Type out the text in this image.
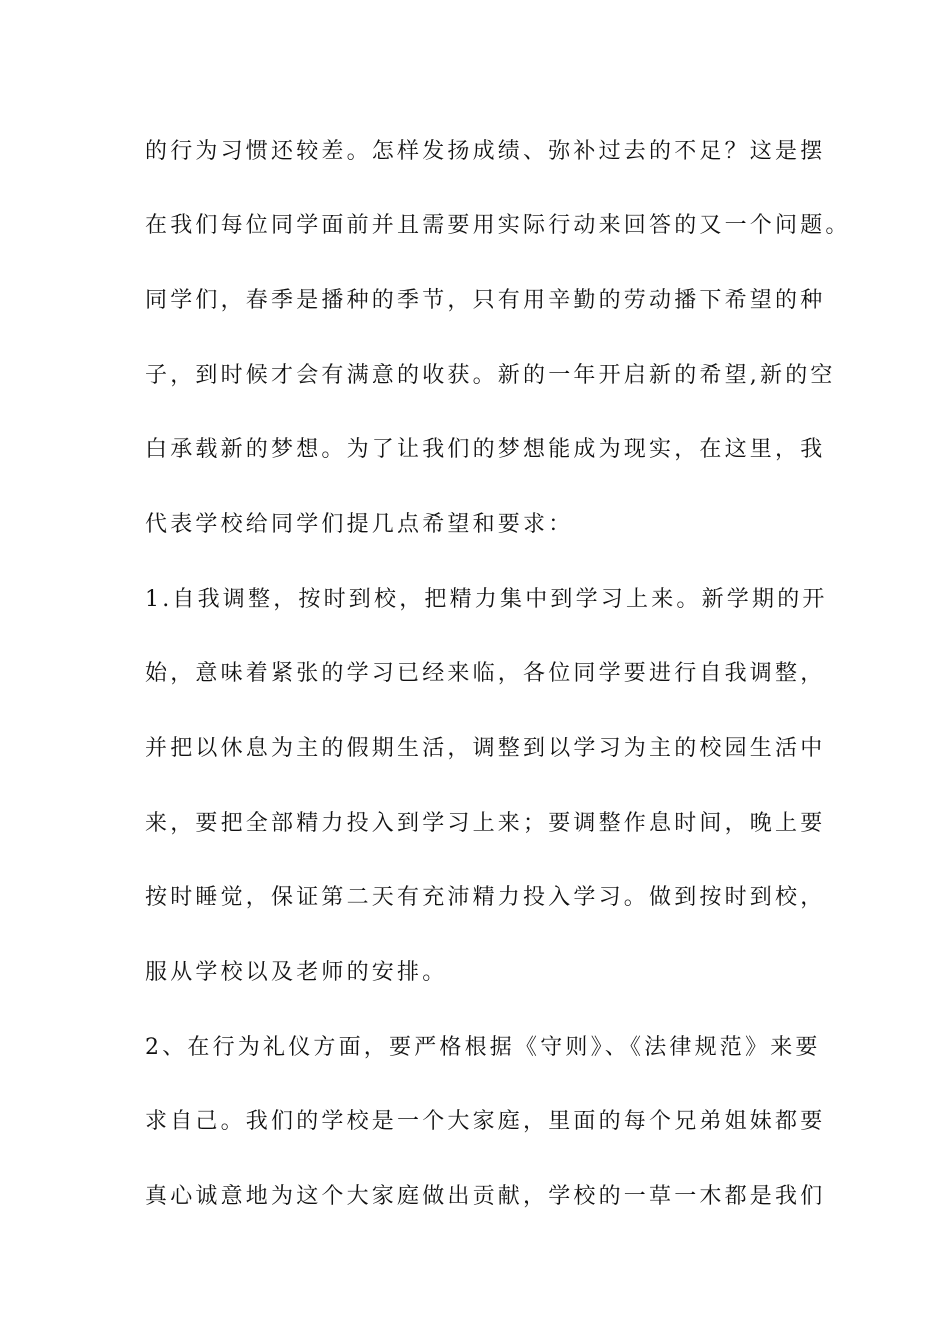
的行为习惯还较差。怎样发扬成绩、弥补过去的不足？这是摆
在我们每位同学面前并且需要用实际行动来回答的又一个问题。
同学们，春季是播种的季节，只有用辛勤的劳动播下希望的种
子，到时候才会有满意的收获。新的一年开启新的希望,新的空
白承载新的梦想。为了让我们的梦想能成为现实，在这里，我
代表学校给同学们提几点希望和要求：
1.自我调整，按时到校，把精力集中到学习上来。新学期的开
始，意味着紧张的学习已经来临，各位同学要进行自我调整，
并把以休息为主的假期生活，调整到以学习为主的校园生活中
来，要把全部精力投入到学习上来；要调整作息时间，晚上要
按时睡觉，保证第二天有充沛精力投入学习。做到按时到校，
服从学校以及老师的安排。
2、在行为礼仪方面，要严格根据《守则》、《法律规范》来要
求自己。我们的学校是一个大家庭，里面的每个兄弟姐妹都要
真心诚意地为这个大家庭做出贡献，学校的一草一木都是我们
